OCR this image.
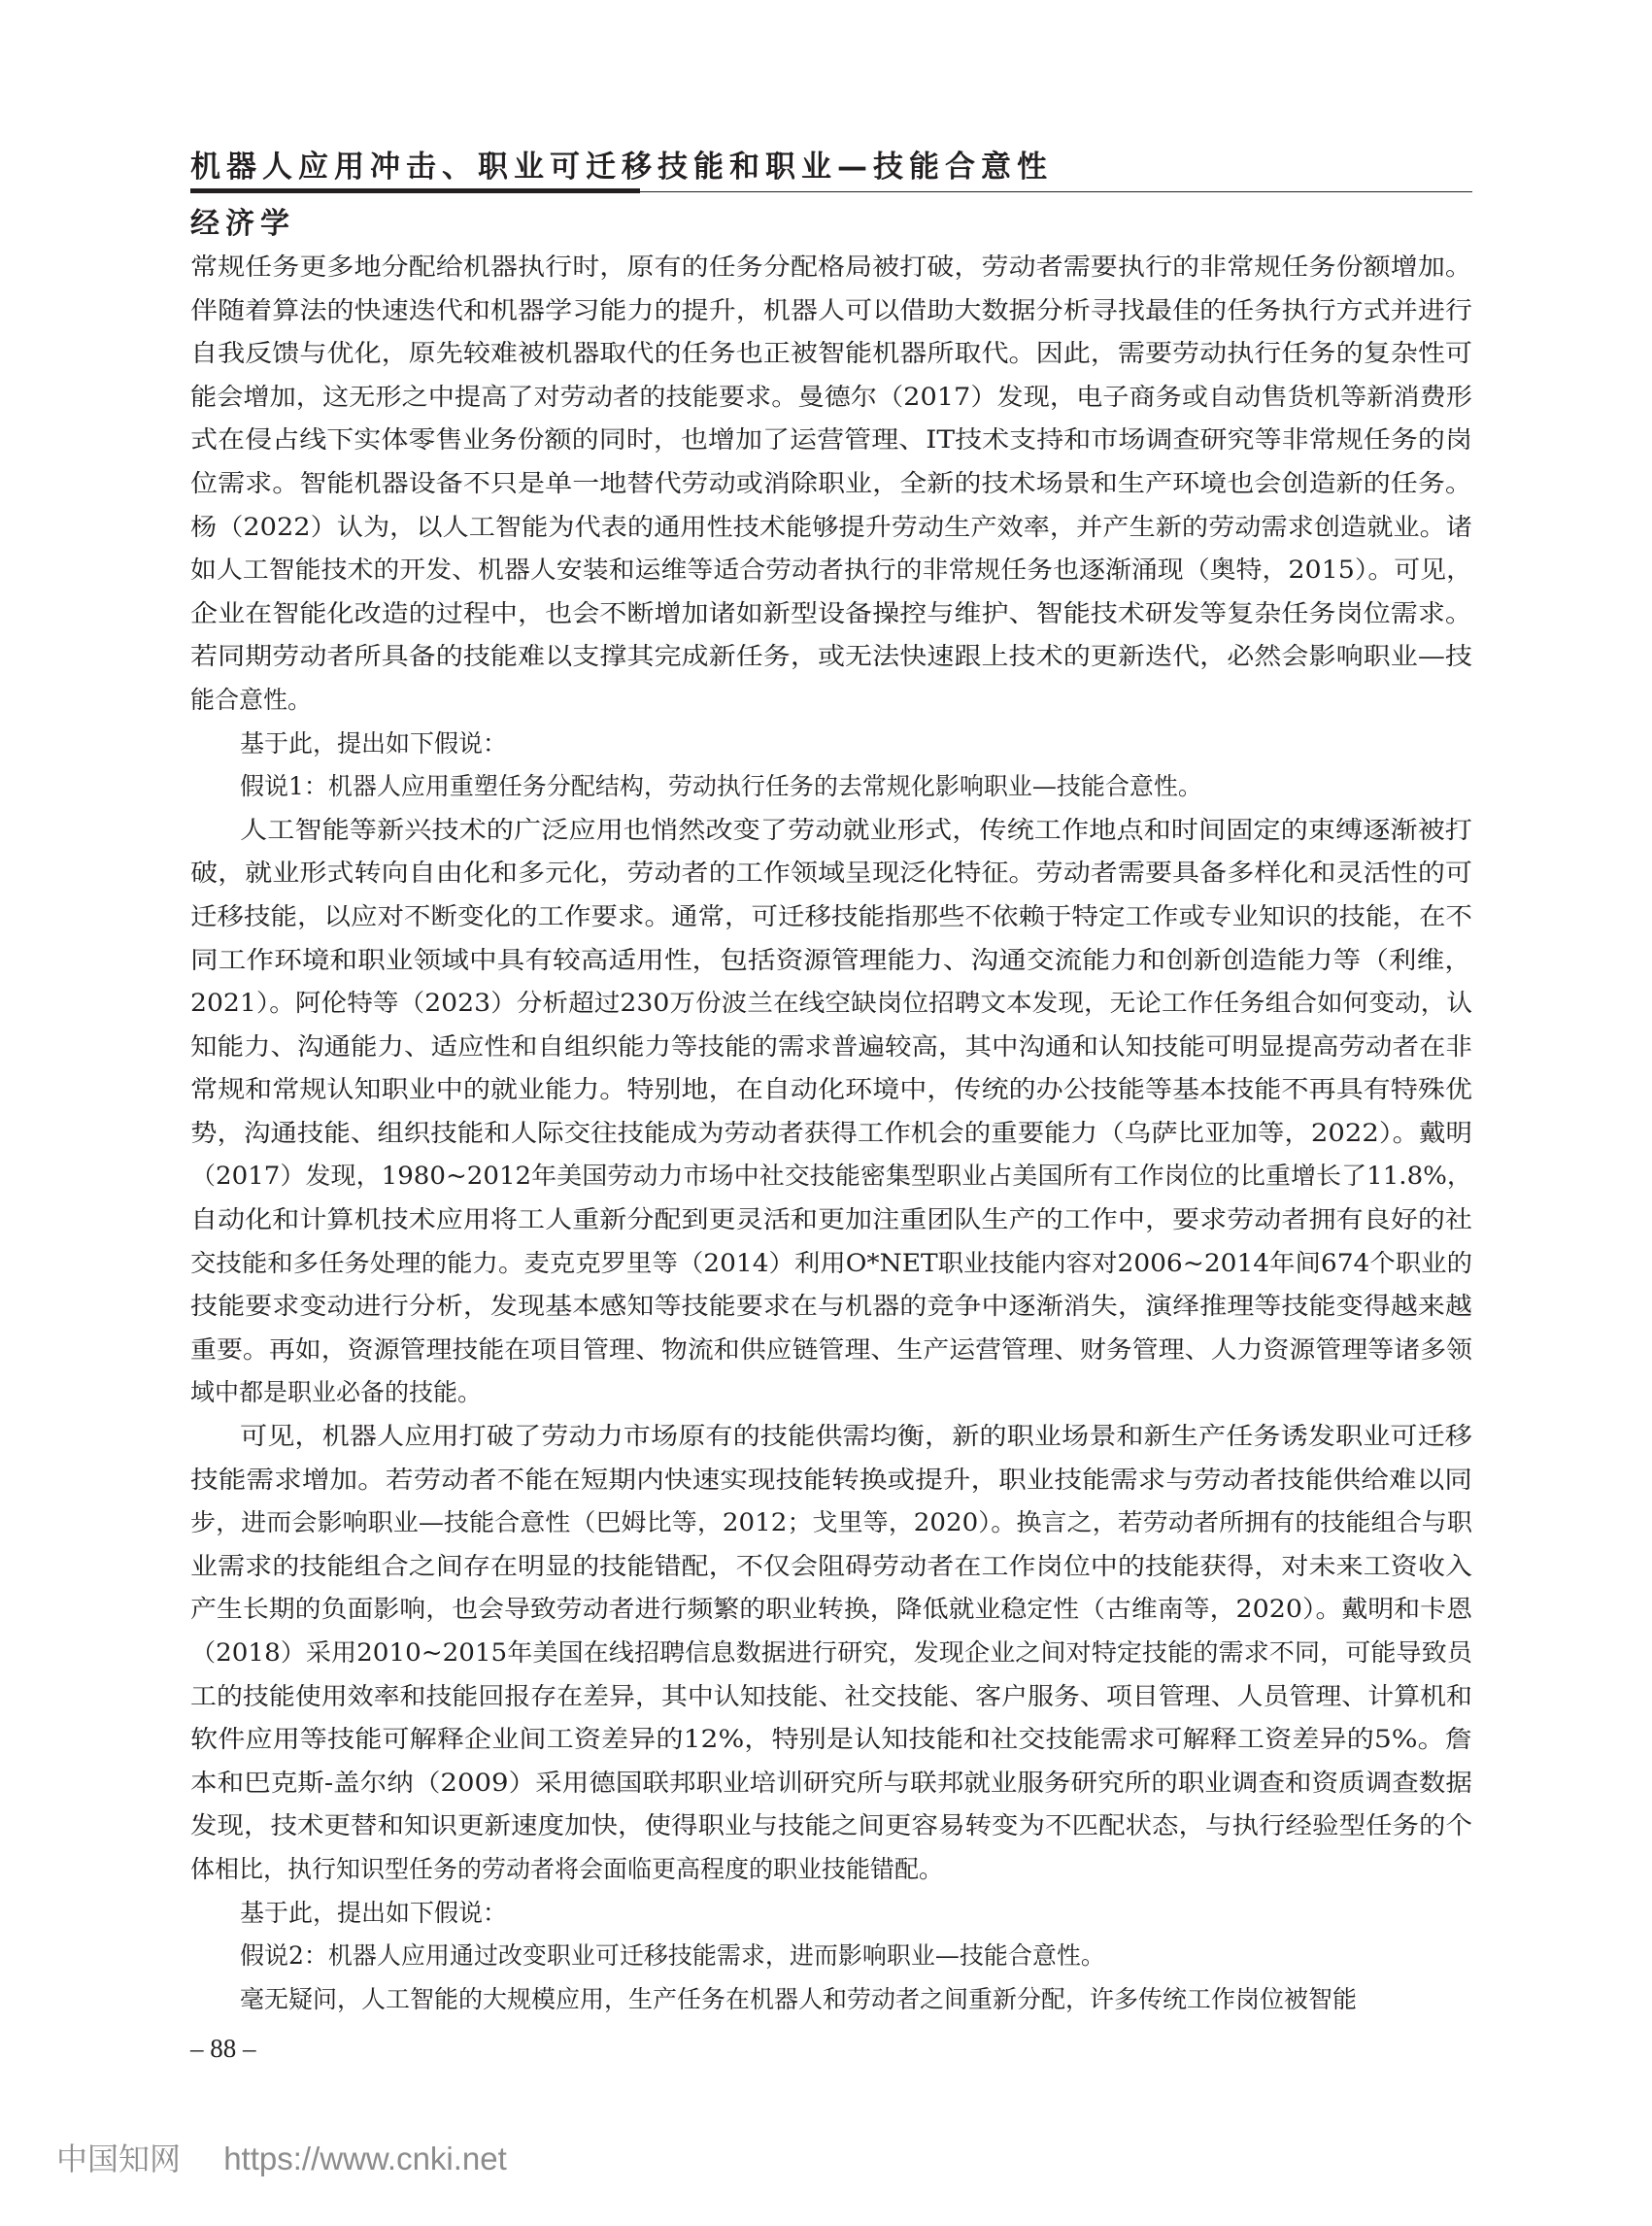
机器人应用冲击、职业可迁移技能和职业—技能合意性
经济学
常规任务更多地分配给机器执行时，原有的任务分配格局被打破，劳动者需要执行的非常规任务份额增加。
伴随着算法的快速迭代和机器学习能力的提升，机器人可以借助大数据分析寻找最佳的任务执行方式并进行
自我反馈与优化，原先较难被机器取代的任务也正被智能机器所取代。因此，需要劳动执行任务的复杂性可
能会增加，这无形之中提高了对劳动者的技能要求。曼德尔（2017）发现，电子商务或自动售货机等新消费形
式在侵占线下实体零售业务份额的同时，也增加了运营管理、IT技术支持和市场调查研究等非常规任务的岗
位需求。智能机器设备不只是单一地替代劳动或消除职业，全新的技术场景和生产环境也会创造新的任务。
杨（2022）认为，以人工智能为代表的通用性技术能够提升劳动生产效率，并产生新的劳动需求创造就业。诸
如人工智能技术的开发、机器人安装和运维等适合劳动者执行的非常规任务也逐渐涌现（奥特，2015）。可见，
企业在智能化改造的过程中，也会不断增加诸如新型设备操控与维护、智能技术研发等复杂任务岗位需求。
若同期劳动者所具备的技能难以支撑其完成新任务，或无法快速跟上技术的更新迭代，必然会影响职业—技
能合意性。
基于此，提出如下假说：
假说1：机器人应用重塑任务分配结构，劳动执行任务的去常规化影响职业—技能合意性。
人工智能等新兴技术的广泛应用也悄然改变了劳动就业形式，传统工作地点和时间固定的束缚逐渐被打
破，就业形式转向自由化和多元化，劳动者的工作领域呈现泛化特征。劳动者需要具备多样化和灵活性的可
迁移技能，以应对不断变化的工作要求。通常，可迁移技能指那些不依赖于特定工作或专业知识的技能，在不
同工作环境和职业领域中具有较高适用性，包括资源管理能力、沟通交流能力和创新创造能力等（利维，
2021）。阿伦特等（2023）分析超过230万份波兰在线空缺岗位招聘文本发现，无论工作任务组合如何变动，认
知能力、沟通能力、适应性和自组织能力等技能的需求普遍较高，其中沟通和认知技能可明显提高劳动者在非
常规和常规认知职业中的就业能力。特别地，在自动化环境中，传统的办公技能等基本技能不再具有特殊优
势，沟通技能、组织技能和人际交往技能成为劳动者获得工作机会的重要能力（乌萨比亚加等，2022）。戴明
（2017）发现，1980~2012年美国劳动力市场中社交技能密集型职业占美国所有工作岗位的比重增长了11.8%，
自动化和计算机技术应用将工人重新分配到更灵活和更加注重团队生产的工作中，要求劳动者拥有良好的社
交技能和多任务处理的能力。麦克克罗里等（2014）利用O*NET职业技能内容对2006~2014年间674个职业的
技能要求变动进行分析，发现基本感知等技能要求在与机器的竞争中逐渐消失，演绎推理等技能变得越来越
重要。再如，资源管理技能在项目管理、物流和供应链管理、生产运营管理、财务管理、人力资源管理等诸多领
域中都是职业必备的技能。
可见，机器人应用打破了劳动力市场原有的技能供需均衡，新的职业场景和新生产任务诱发职业可迁移
技能需求增加。若劳动者不能在短期内快速实现技能转换或提升，职业技能需求与劳动者技能供给难以同
步，进而会影响职业—技能合意性（巴姆比等，2012；戈里等，2020）。换言之，若劳动者所拥有的技能组合与职
业需求的技能组合之间存在明显的技能错配，不仅会阻碍劳动者在工作岗位中的技能获得，对未来工资收入
产生长期的负面影响，也会导致劳动者进行频繁的职业转换，降低就业稳定性（古维南等，2020）。戴明和卡恩
（2018）采用2010~2015年美国在线招聘信息数据进行研究，发现企业之间对特定技能的需求不同，可能导致员
工的技能使用效率和技能回报存在差异，其中认知技能、社交技能、客户服务、项目管理、人员管理、计算机和
软件应用等技能可解释企业间工资差异的12%，特别是认知技能和社交技能需求可解释工资差异的5%。詹
本和巴克斯-盖尔纳（2009）采用德国联邦职业培训研究所与联邦就业服务研究所的职业调查和资质调查数据
发现，技术更替和知识更新速度加快，使得职业与技能之间更容易转变为不匹配状态，与执行经验型任务的个
体相比，执行知识型任务的劳动者将会面临更高程度的职业技能错配。
基于此，提出如下假说：
假说2：机器人应用通过改变职业可迁移技能需求，进而影响职业—技能合意性。
毫无疑问，人工智能的大规模应用，生产任务在机器人和劳动者之间重新分配，许多传统工作岗位被智能
– 88 –
中国知网 https://www.cnki.net
